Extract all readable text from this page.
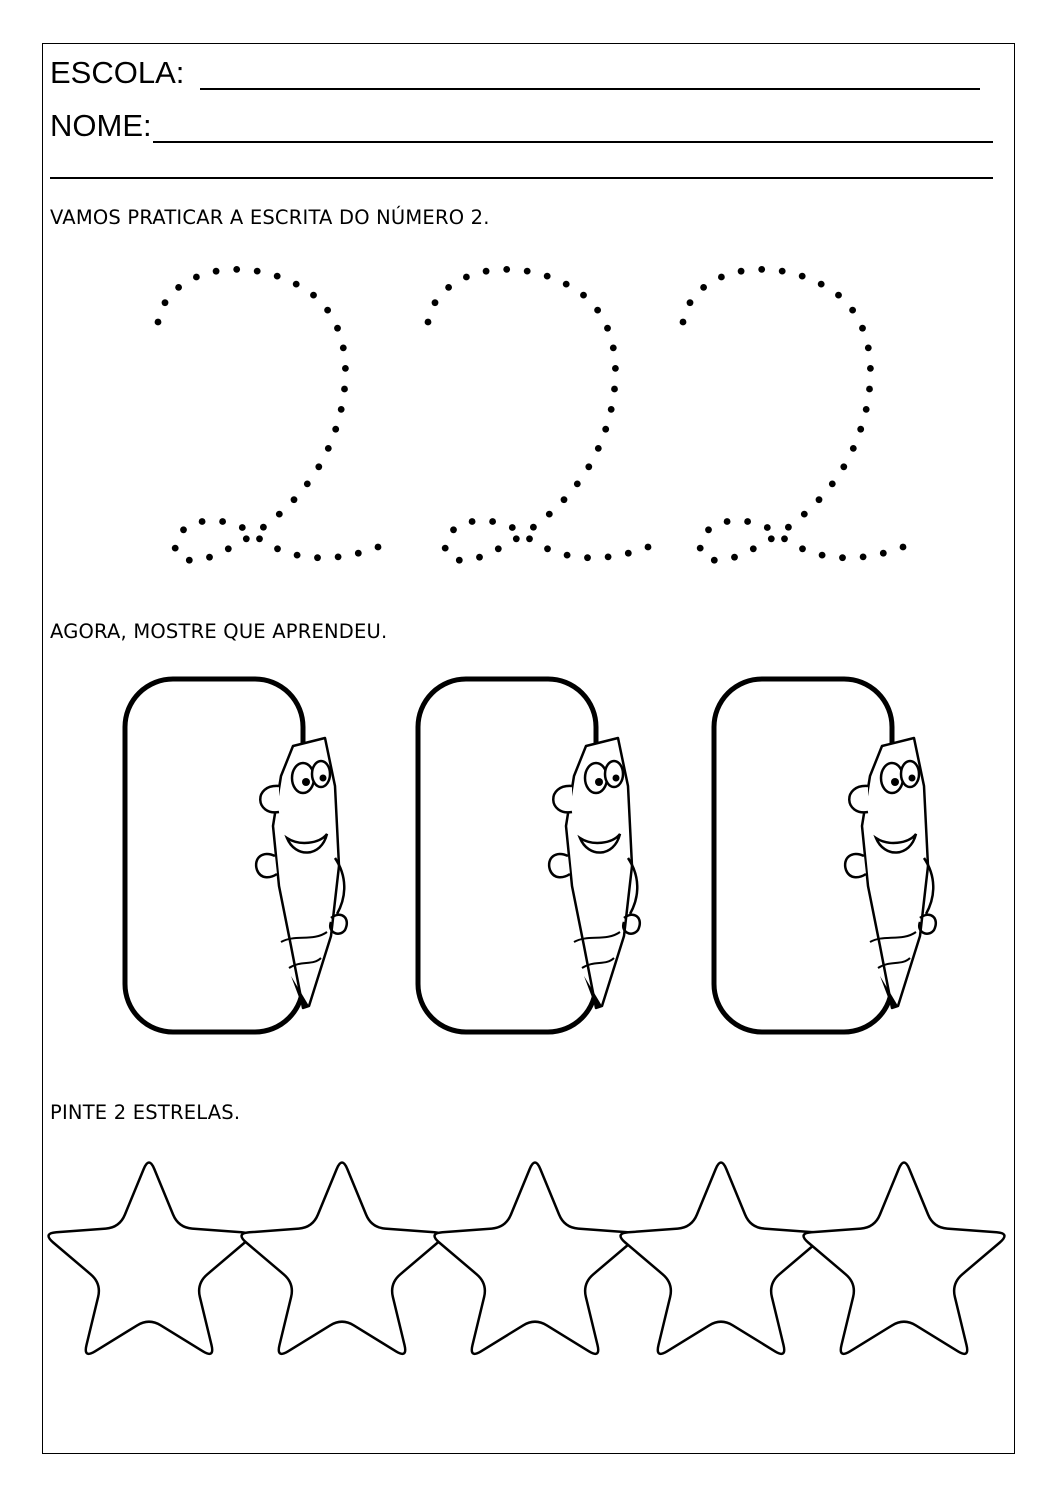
ESCOLA:
NOME:
VAMOS PRATICAR A ESCRITA DO NÚMERO 2.
AGORA, MOSTRE QUE APRENDEU.
PINTE 2 ESTRELAS.
